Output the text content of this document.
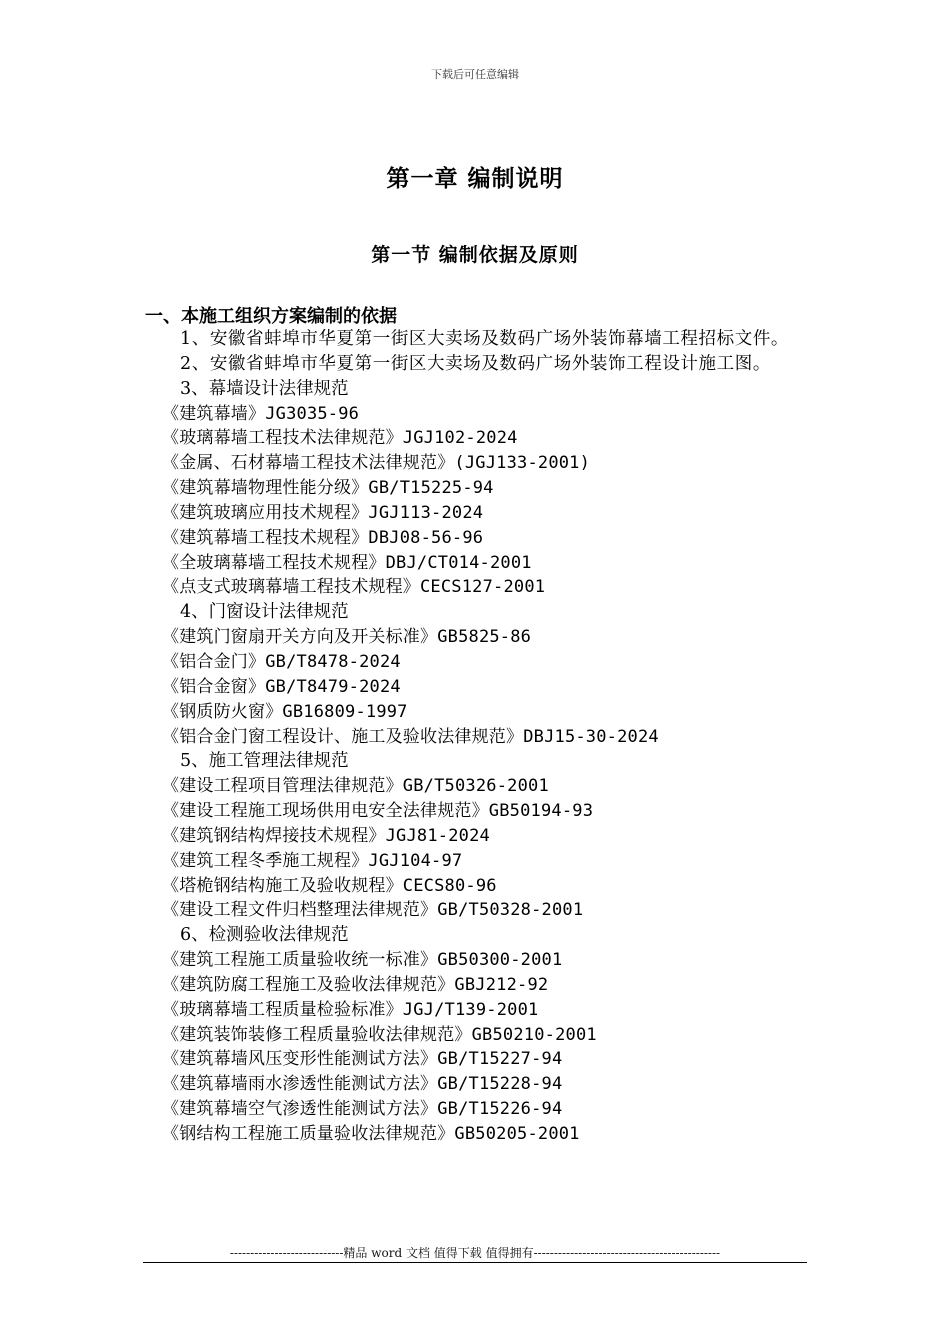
下载后可任意编辑
第一章 编制说明
第一节 编制依据及原则
一、本施工组织方案编制的依据

1、安徽省蚌埠市华夏第一街区大卖场及数码广场外装饰幕墙工程招标文件。

2、安徽省蚌埠市华夏第一街区大卖场及数码广场外装饰工程设计施工图。

3、幕墙设计法律规范

《建筑幕墙》JG3035-96

《玻璃幕墙工程技术法律规范》JGJ102-2024

《金属、石材幕墙工程技术法律规范》(JGJ133-2001)

《建筑幕墙物理性能分级》GB/T15225-94

《建筑玻璃应用技术规程》JGJ113-2024

《建筑幕墙工程技术规程》DBJ08-56-96

《全玻璃幕墙工程技术规程》DBJ/CT014-2001

《点支式玻璃幕墙工程技术规程》CECS127-2001

4、门窗设计法律规范

《建筑门窗扇开关方向及开关标准》GB5825-86

《铝合金门》GB/T8478-2024

《铝合金窗》GB/T8479-2024

《钢质防火窗》GB16809-1997

《铝合金门窗工程设计、施工及验收法律规范》DBJ15-30-2024

5、施工管理法律规范

《建设工程项目管理法律规范》GB/T50326-2001

《建设工程施工现场供用电安全法律规范》GB50194-93

《建筑钢结构焊接技术规程》JGJ81-2024

《建筑工程冬季施工规程》JGJ104-97

《塔桅钢结构施工及验收规程》CECS80-96

《建设工程文件归档整理法律规范》GB/T50328-2001

6、检测验收法律规范

《建筑工程施工质量验收统一标准》GB50300-2001

《建筑防腐工程施工及验收法律规范》GBJ212-92

《玻璃幕墙工程质量检验标准》JGJ/T139-2001

《建筑装饰装修工程质量验收法律规范》GB50210-2001

《建筑幕墙风压变形性能测试方法》GB/T15227-94

《建筑幕墙雨水渗透性能测试方法》GB/T15228-94

《建筑幕墙空气渗透性能测试方法》GB/T15226-94

《钢结构工程施工质量验收法律规范》GB50205-2001

----------------------------精品 word 文档 值得下载 值得拥有----------------------------------------------
